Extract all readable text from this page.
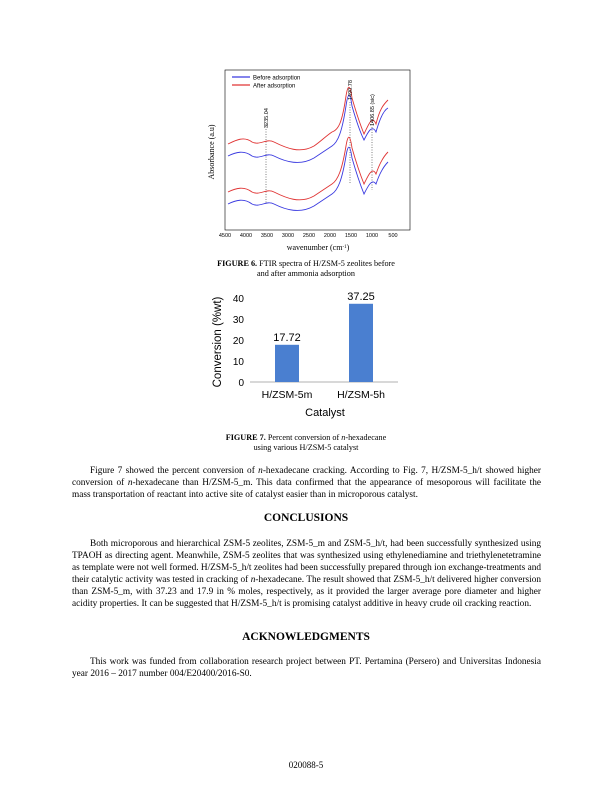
Before adsorption
After adsorption
3235.04
1490.78
1406.85 (sic)
Absorbance (a.u)
4500 4000 3500 3000 2500 2000 1500 1000 500
wavenumber $(cm^{-1})$
FIGURE 6. FTIR spectra of H/ZSM-5 zeolites before
and after ammonia adsorption
Conversion (%wt) 0
10
20
30
40
17.72
H/ZSM-5m
37.25
H/ZSM-5h
Catalyst
FIGURE 7. Percent conversion of n-hexadecane
using various H/ZSM-5 catalyst

Figure 7 showed the percent conversion of n-hexadecane cracking. According to Fig. 7, H/ZSM-5_h/t showed higher conversion of n-hexadecane than H/ZSM-5_m. This data confirmed that the appearance of mesoporous will facilitate the mass transportation of reactant into active site of catalyst easier than in microporous catalyst.

CONCLUSIONS

Both microporous and hierarchical ZSM-5 zeolites, ZSM-5_m and ZSM-5_h/t, had been successfully synthesized using TPAOH as directing agent. Meanwhile, ZSM-5 zeolites that was synthesized using ethylenediamine and triethylenetetramine as template were not well formed. H/ZSM-5_h/t zeolites had been successfully prepared through ion exchange-treatments and their catalytic activity was tested in cracking of n-hexadecane. The result showed that ZSM-5_h/t delivered higher conversion than ZSM-5_m, with 37.23 and 17.9 in % moles, respectively, as it provided the larger average pore diameter and higher acidity properties. It can be suggested that H/ZSM-5_h/t is promising catalyst additive in heavy crude oil cracking reaction.

ACKNOWLEDGMENTS

This work was funded from collaboration research project between PT. Pertamina (Persero) and Universitas Indonesia year 2016 – 2017 number 004/E20400/2016-S0.

020088-5
